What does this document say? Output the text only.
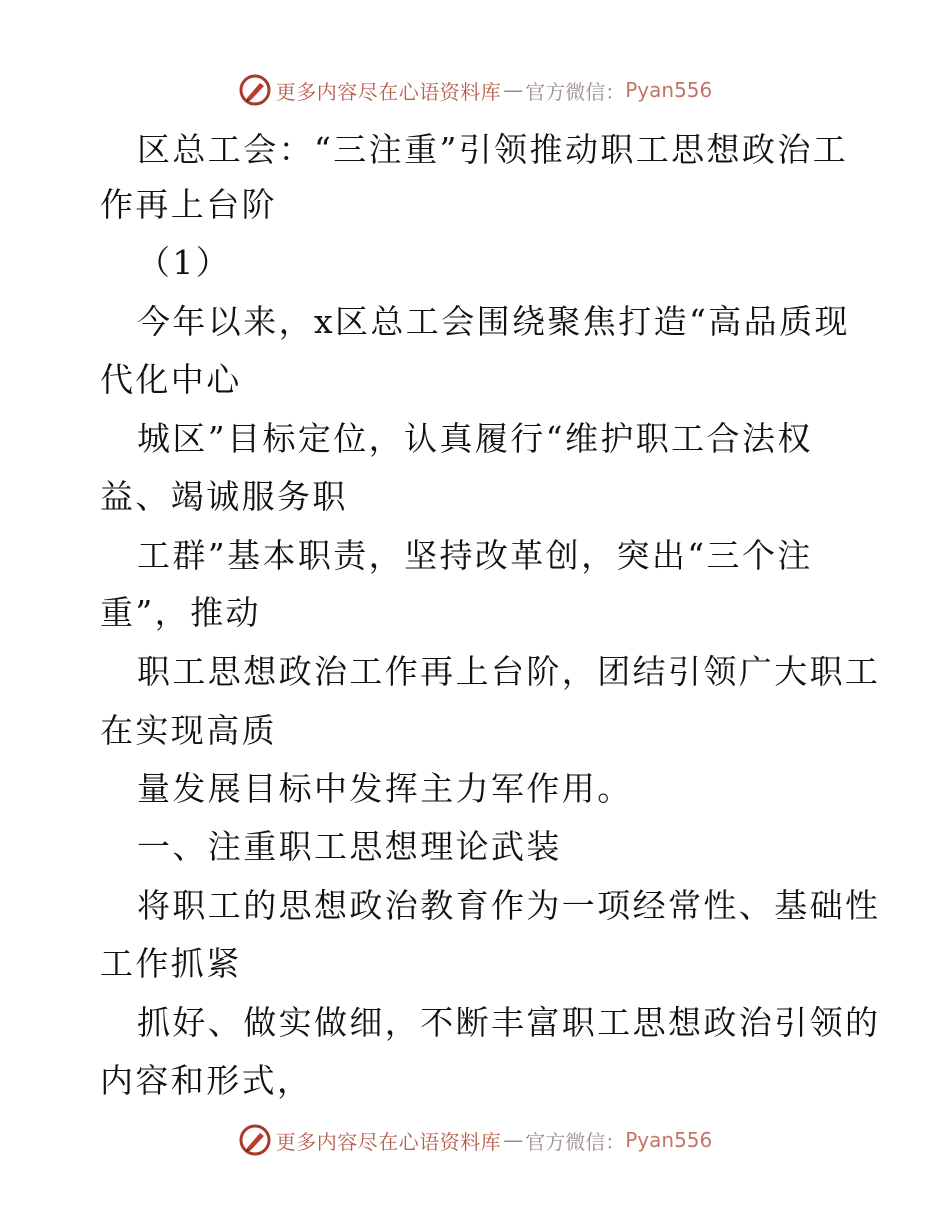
更多内容尽在心语资料库 — 官方微信： Pyan556
区总工会：“三注重”引领推动职工思想政治工
作再上台阶
（1）
今年以来，x区总工会围绕聚焦打造“高品质现
代化中心
城区”目标定位，认真履行“维护职工合法权
益、竭诚服务职
工群”基本职责，坚持改革创，突出“三个注
重”，推动
职工思想政治工作再上台阶，团结引领广大职工
在实现高质
量发展目标中发挥主力军作用。
一、注重职工思想理论武装
将职工的思想政治教育作为一项经常性、基础性
工作抓紧
抓好、做实做细，不断丰富职工思想政治引领的
内容和形式，
更多内容尽在心语资料库 — 官方微信： Pyan556
